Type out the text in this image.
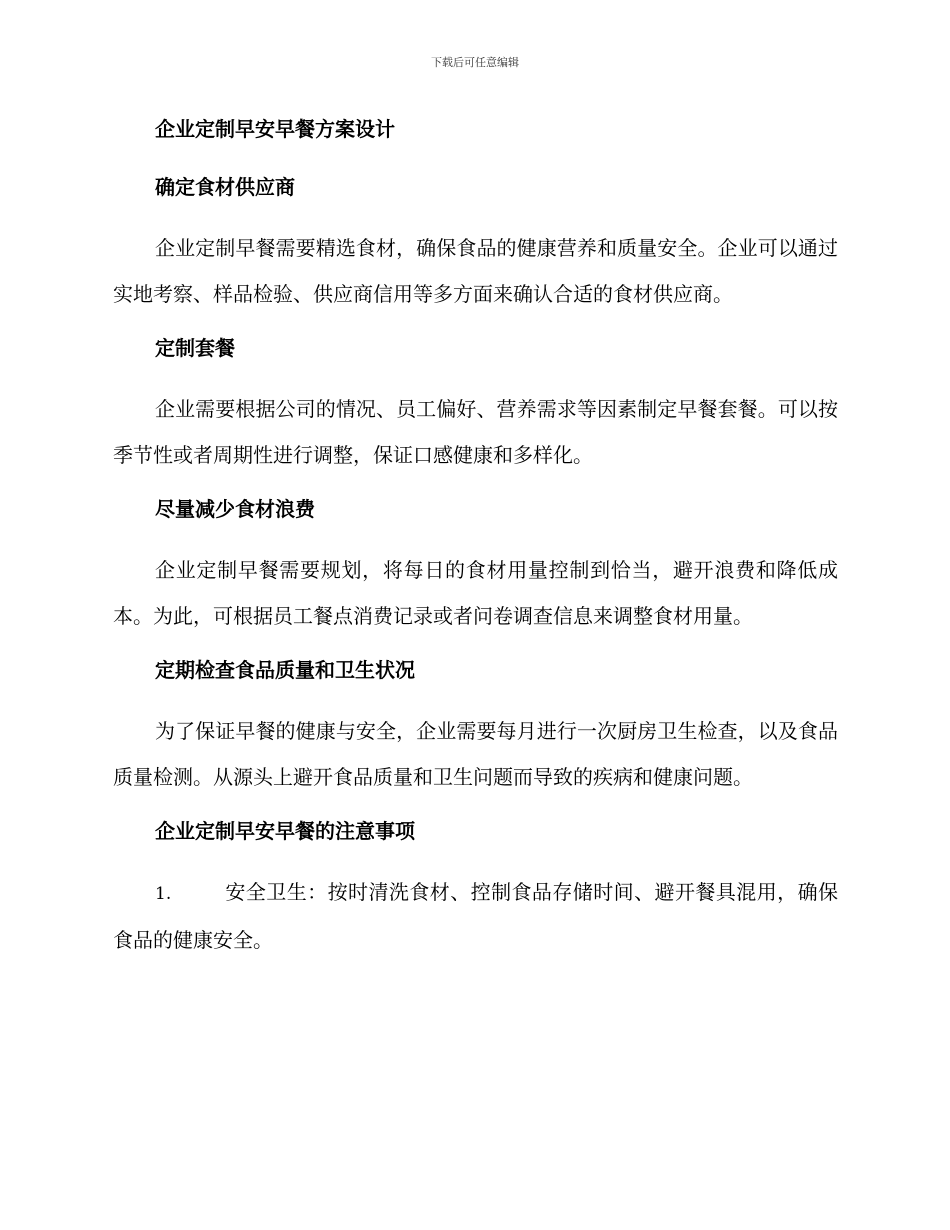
下载后可任意编辑
企业定制早安早餐方案设计
确定食材供应商

企业定制早餐需要精选食材，确保食品的健康营养和质量安全。企业可以通过实地考察、样品检验、供应商信用等多方面来确认合适的食材供应商。

定制套餐

企业需要根据公司的情况、员工偏好、营养需求等因素制定早餐套餐。可以按季节性或者周期性进行调整，保证口感健康和多样化。

尽量减少食材浪费

企业定制早餐需要规划，将每日的食材用量控制到恰当，避开浪费和降低成本。为此，可根据员工餐点消费记录或者问卷调查信息来调整食材用量。

定期检查食品质量和卫生状况

为了保证早餐的健康与安全，企业需要每月进行一次厨房卫生检查，以及食品质量检测。从源头上避开食品质量和卫生问题而导致的疾病和健康问题。

企业定制早安早餐的注意事项

1.	安全卫生：按时清洗食材、控制食品存储时间、避开餐具混用，确保食品的健康安全。
